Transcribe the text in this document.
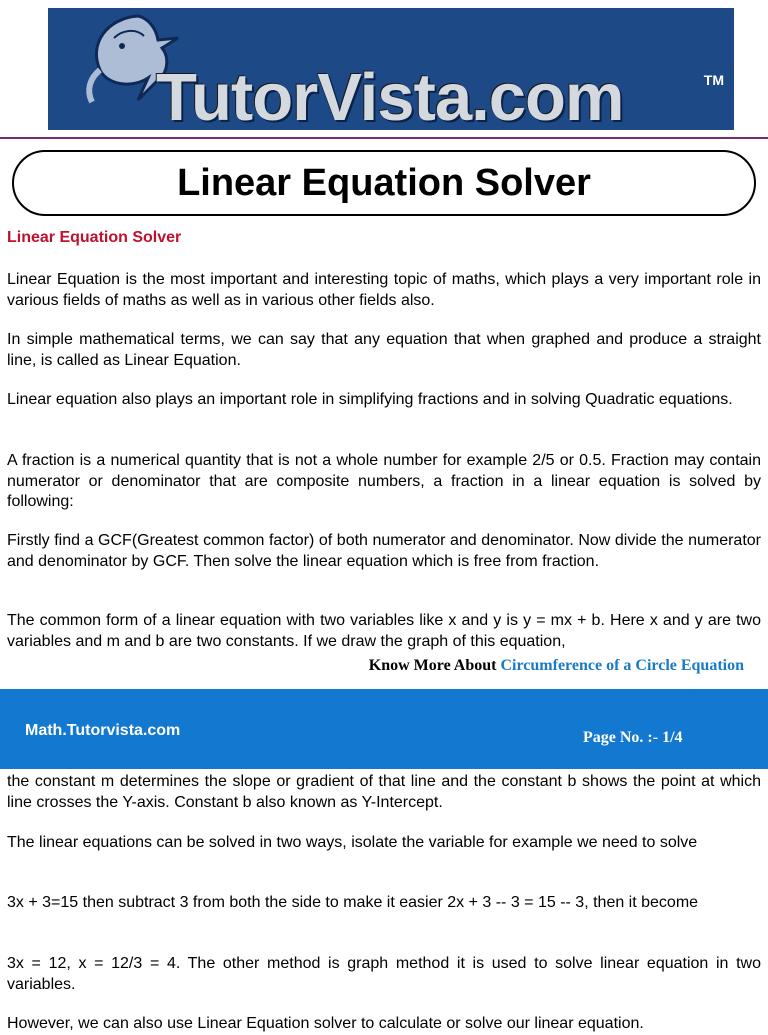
TutorVista.com	TM
Linear Equation Solver
Linear Equation Solver

Linear Equation is the most important and interesting topic of maths, which plays a very important role in various fields of maths as well as in various other fields also.

In simple mathematical terms, we can say that any equation that when graphed and produce a straight line, is called as Linear Equation.

Linear equation also plays an important role in simplifying fractions and in solving Quadratic equations.

A fraction is a numerical quantity that is not a whole number for example 2/5 or 0.5. Fraction may contain numerator or denominator that are composite numbers, a fraction in a linear equation is solved by following:

Firstly find a GCF(Greatest common factor) of both numerator and denominator. Now divide the numerator and denominator by GCF. Then solve the linear equation which is free from fraction.

The common form of a linear equation with two variables like x and y is y = mx + b. Here x and y are two variables and m and b are two constants. If we draw the graph of this equation,

Know More About Circumference of a Circle Equation
Math.Tutorvista.com	Page No. :- 1/4

the constant m determines the slope or gradient of that line and the constant b shows the point at which line crosses the Y-axis. Constant b also known as Y-Intercept.

The linear equations can be solved in two ways, isolate the variable for example we need to solve

3x + 3=15 then subtract 3 from both the side to make it easier 2x + 3 -- 3 = 15 -- 3, then it become

3x = 12, x = 12/3 = 4. The other method is graph method it is used to solve linear equation in two variables.

However, we can also use Linear Equation solver to calculate or solve our linear equation.
